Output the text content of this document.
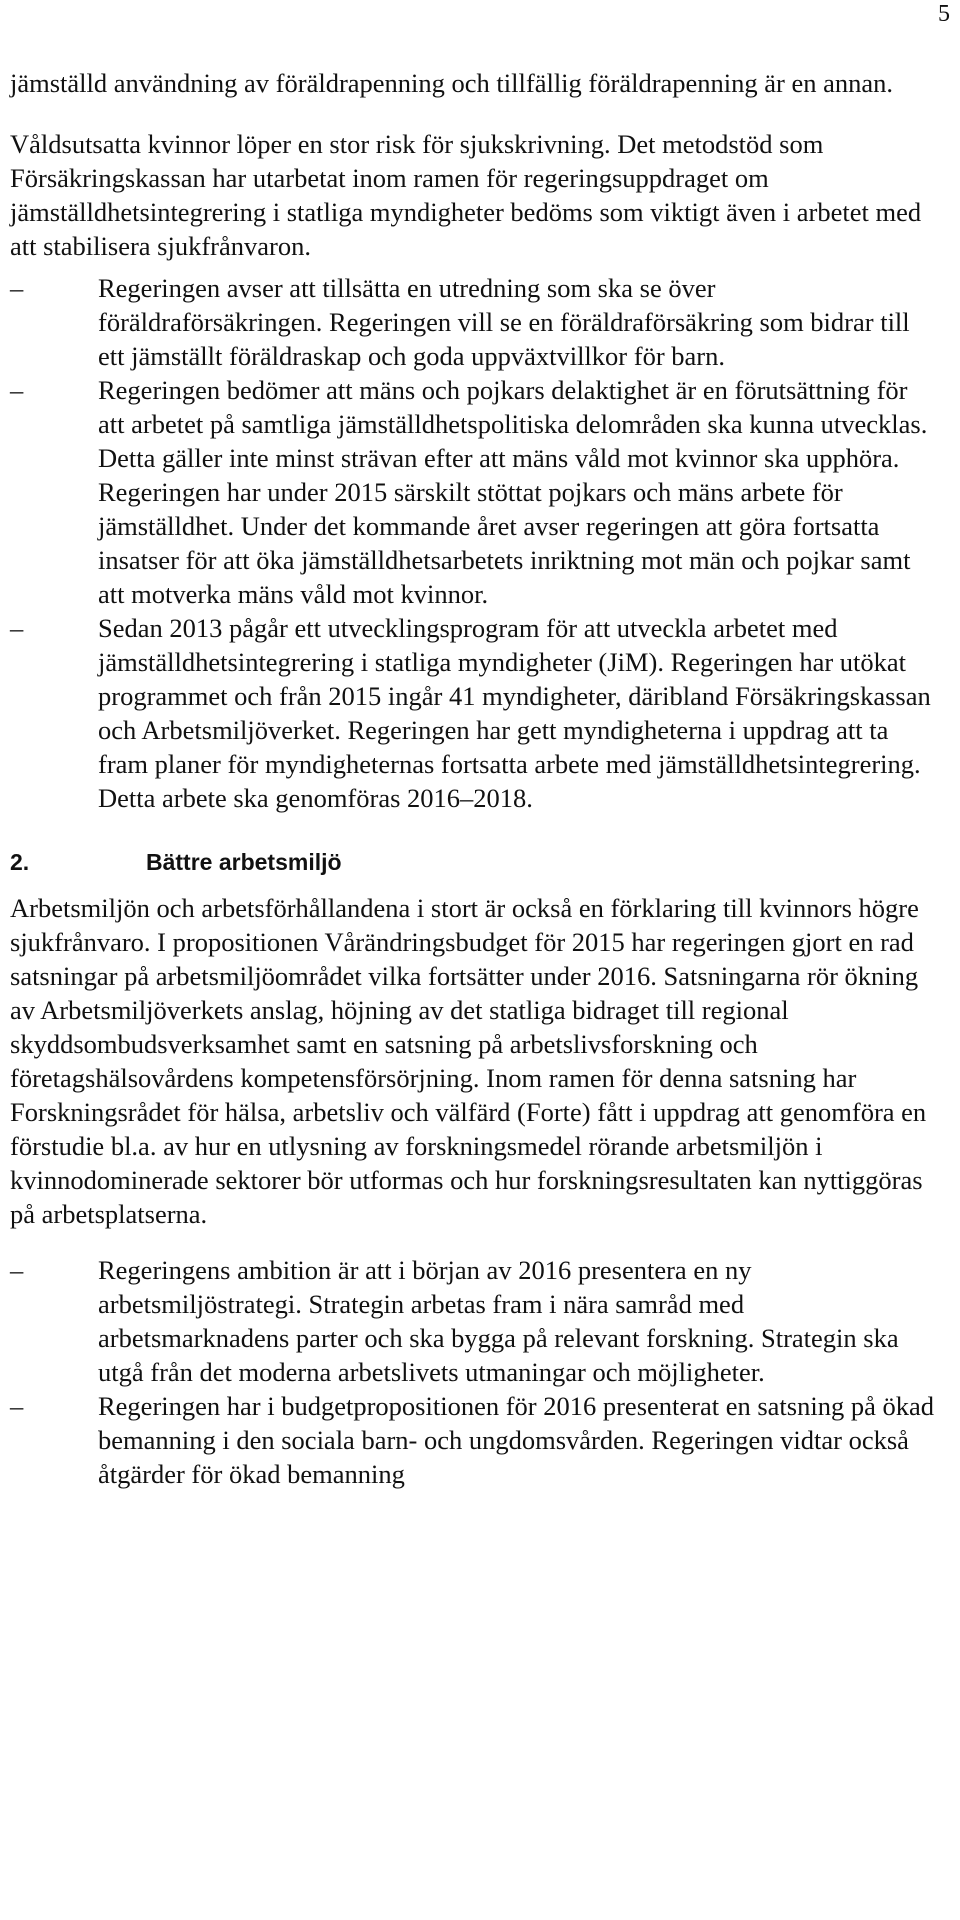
5

jämställd användning av föräldrapenning och tillfällig föräldrapenning är en annan.

Våldsutsatta kvinnor löper en stor risk för sjukskrivning. Det metodstöd som Försäkringskassan har utarbetat inom ramen för regeringsuppdraget om jämställdhetsintegrering i statliga myndigheter bedöms som viktigt även i arbetet med att stabilisera sjukfrånvaron.

–	Regeringen avser att tillsätta en utredning som ska se över föräldraförsäkringen. Regeringen vill se en föräldraförsäkring som bidrar till ett jämställt föräldraskap och goda uppväxtvillkor för barn.
–	Regeringen bedömer att mäns och pojkars delaktighet är en förutsättning för att arbetet på samtliga jämställdhetspolitiska delområden ska kunna utvecklas. Detta gäller inte minst strävan efter att mäns våld mot kvinnor ska upphöra. Regeringen har under 2015 särskilt stöttat pojkars och mäns arbete för jämställdhet. Under det kommande året avser regeringen att göra fortsatta insatser för att öka jämställdhetsarbetets inriktning mot män och pojkar samt att motverka mäns våld mot kvinnor.
–	Sedan 2013 pågår ett utvecklingsprogram för att utveckla arbetet med jämställdhetsintegrering i statliga myndigheter (JiM). Regeringen har utökat programmet och från 2015 ingår 41 myndigheter, däribland Försäkringskassan och Arbetsmiljöverket. Regeringen har gett myndigheterna i uppdrag att ta fram planer för myndigheternas fortsatta arbete med jämställdhetsintegrering. Detta arbete ska genomföras 2016–2018.
2.	Bättre arbetsmiljö

Arbetsmiljön och arbetsförhållandena i stort är också en förklaring till kvinnors högre sjukfrånvaro. I propositionen Vårändringsbudget för 2015 har regeringen gjort en rad satsningar på arbetsmiljöområdet vilka fortsätter under 2016. Satsningarna rör ökning av Arbetsmiljöverkets anslag, höjning av det statliga bidraget till regional skyddsombudsverksamhet samt en satsning på arbetslivsforskning och företagshälsovårdens kompetensförsörjning. Inom ramen för denna satsning har Forskningsrådet för hälsa, arbetsliv och välfärd (Forte) fått i uppdrag att genomföra en förstudie bl.a. av hur en utlysning av forskningsmedel rörande arbetsmiljön i kvinnodominerade sektorer bör utformas och hur forskningsresultaten kan nyttiggöras på arbetsplatserna.

–	Regeringens ambition är att i början av 2016 presentera en ny arbetsmiljöstrategi. Strategin arbetas fram i nära samråd med arbetsmarknadens parter och ska bygga på relevant forskning. Strategin ska utgå från det moderna arbetslivets utmaningar och möjligheter.
–	Regeringen har i budgetpropositionen för 2016 presenterat en satsning på ökad bemanning i den sociala barn- och ungdomsvården. Regeringen vidtar också åtgärder för ökad bemanning
